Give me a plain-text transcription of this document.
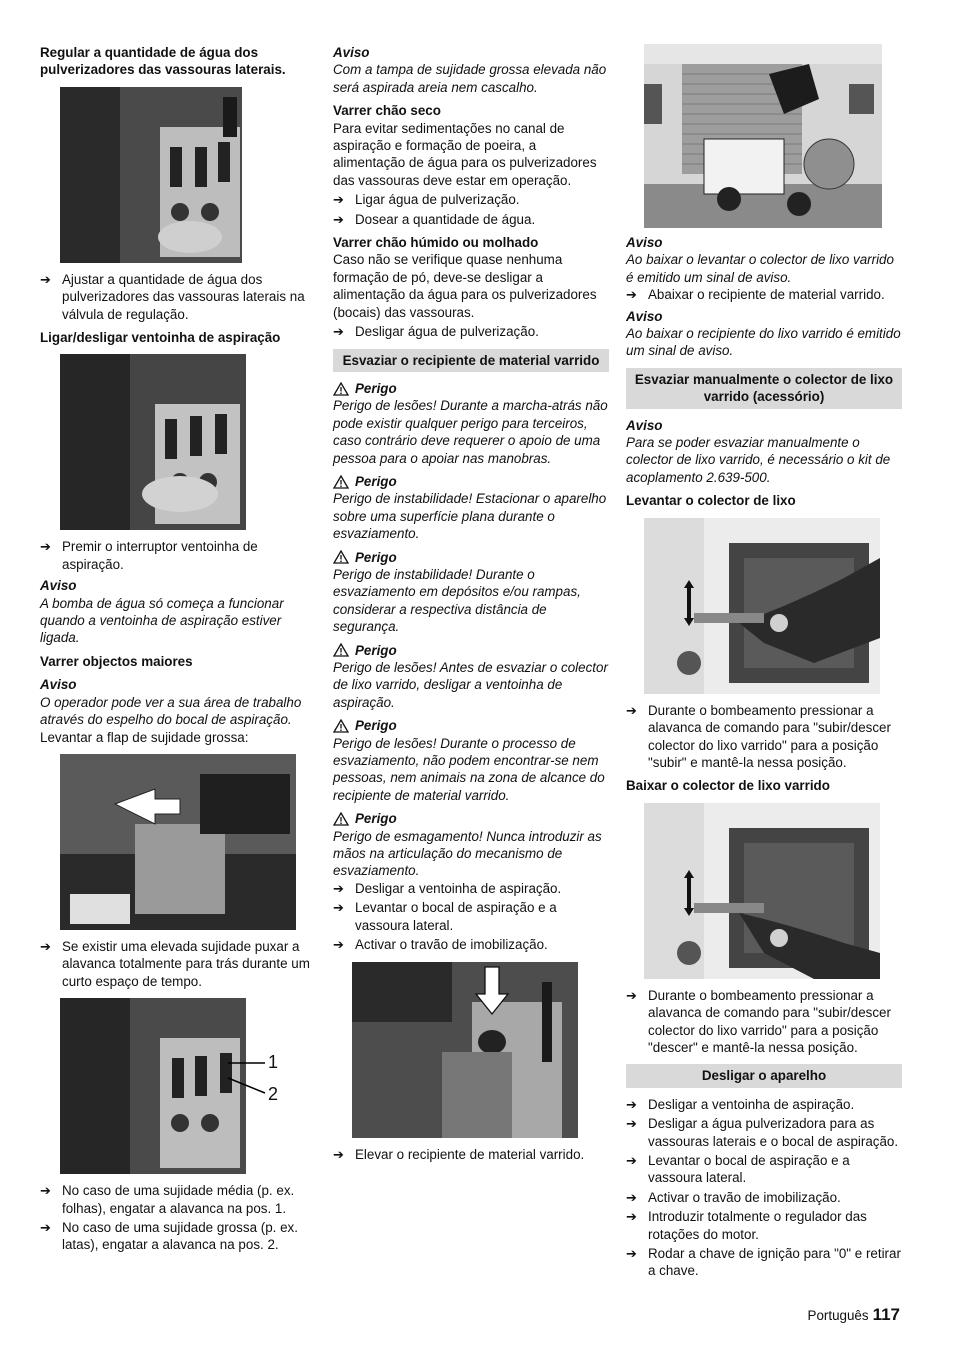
Regular a quantidade de água dos pulverizadores das vassouras laterais.
➔ Ajustar a quantidade de água dos pulverizadores das vassouras laterais na válvula de regulação.
Ligar/desligar ventoinha de aspiração
➔ Premir o interruptor ventoinha de aspiração.
Aviso
A bomba de água só começa a funcionar quando a ventoinha de aspiração estiver ligada.
Varrer objectos maiores
Aviso
O operador pode ver a sua área de trabalho através do espelho do bocal de aspiração.
Levantar a flap de sujidade grossa:
➔ Se existir uma elevada sujidade puxar a alavanca totalmente para trás durante um curto espaço de tempo.
1
2
➔ No caso de uma sujidade média (p. ex. folhas), engatar a alavanca na pos. 1.
➔ No caso de uma sujidade grossa (p. ex. latas), engatar a alavanca na pos. 2.
Aviso
Com a tampa de sujidade grossa elevada não será aspirada areia nem cascalho.
Varrer chão seco
Para evitar sedimentações no canal de aspiração e formação de poeira, a alimentação de água para os pulverizadores das vassouras deve estar em operação.
➔ Ligar água de pulverização.
➔ Dosear a quantidade de água.
Varrer chão húmido ou molhado
Caso não se verifique quase nenhuma formação de pó, deve-se desligar a alimentação da água para os pulverizadores (bocais) das vassouras.
➔ Desligar água de pulverização.
Esvaziar o recipiente de material varrido
Perigo
Perigo de lesões! Durante a marcha-atrás não pode existir qualquer perigo para terceiros, caso contrário deve requerer o apoio de uma pessoa para o apoiar nas manobras.
Perigo
Perigo de instabilidade! Estacionar o aparelho sobre uma superfície plana durante o esvaziamento.
Perigo
Perigo de instabilidade! Durante o esvaziamento em depósitos e/ou rampas, considerar a respectiva distância de segurança.
Perigo
Perigo de lesões! Antes de esvaziar o colector de lixo varrido, desligar a ventoinha de aspiração.
Perigo
Perigo de lesões! Durante o processo de esvaziamento, não podem encontrar-se nem pessoas, nem animais na zona de alcance do recipiente de material varrido.
Perigo
Perigo de esmagamento! Nunca introduzir as mãos na articulação do mecanismo de esvaziamento.
➔ Desligar a ventoinha de aspiração.
➔ Levantar o bocal de aspiração e a vassoura lateral.
➔ Activar o travão de imobilização.
➔ Elevar o recipiente de material varrido.
Aviso
Ao baixar o levantar o colector de lixo varrido é emitido um sinal de aviso.
➔ Abaixar o recipiente de material varrido.
Aviso
Ao baixar o recipiente do lixo varrido é emitido um sinal de aviso.
Esvaziar manualmente o colector de lixo varrido (acessório)
Aviso
Para se poder esvaziar manualmente o colector de lixo varrido, é necessário o kit de acoplamento 2.639-500.
Levantar o colector de lixo
➔ Durante o bombeamento pressionar a alavanca de comando para "subir/descer colector do lixo varrido" para a posição "subir" e mantê-la nessa posição.
Baixar o colector de lixo varrido
➔ Durante o bombeamento pressionar a alavanca de comando para "subir/descer colector do lixo varrido" para a posição "descer" e mantê-la nessa posição.
Desligar o aparelho
➔ Desligar a ventoinha de aspiração.
➔ Desligar a água pulverizadora para as vassouras laterais e o bocal de aspiração.
➔ Levantar o bocal de aspiração e a vassoura lateral.
➔ Activar o travão de imobilização.
➔ Introduzir totalmente o regulador das rotações do motor.
➔ Rodar a chave de ignição para "0" e retirar a chave.
Português 117
